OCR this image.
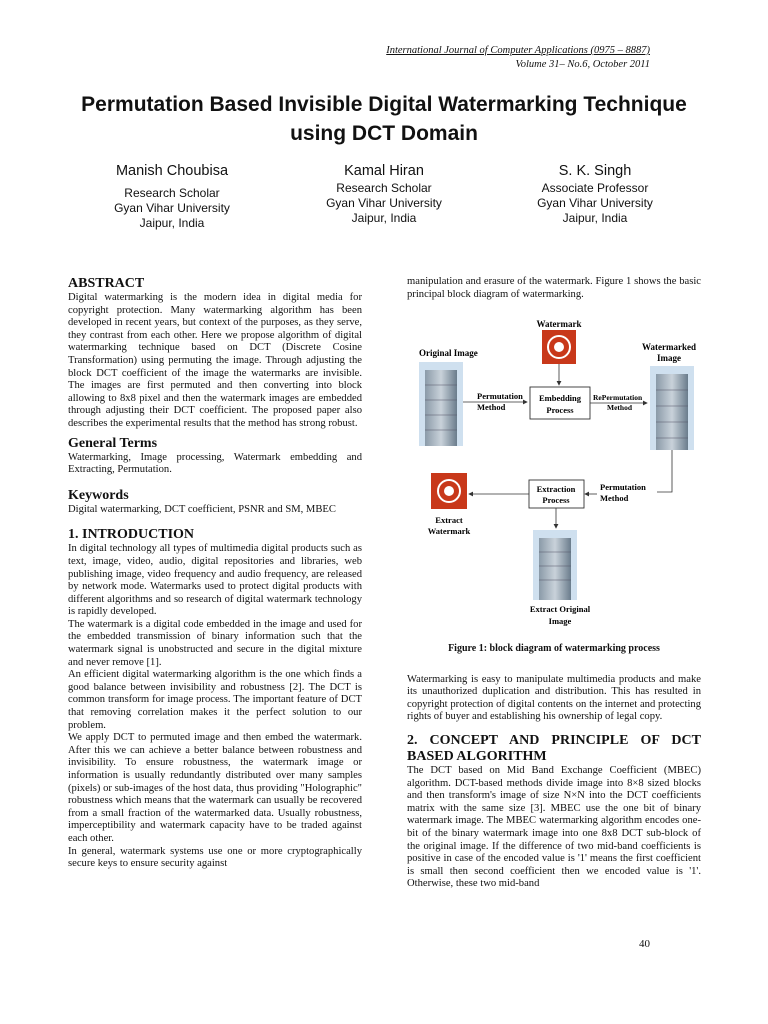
International Journal of Computer Applications (0975 – 8887)
Volume 31– No.6, October 2011
Permutation Based Invisible Digital Watermarking Technique using DCT Domain
Manish Choubisa
Research Scholar
Gyan Vihar University
Jaipur, India
Kamal Hiran
Research Scholar
Gyan Vihar University
Jaipur, India
S. K. Singh
Associate Professor
Gyan Vihar University
Jaipur, India
ABSTRACT

Digital watermarking is the modern idea in digital media for copyright protection. Many watermarking algorithm has been developed in recent years, but context of the purposes, as they serve, they contrast from each other. Here we propose algorithm of digital watermarking technique based on DCT (Discrete Cosine Transformation) using permuting the image. Through adjusting the block DCT coefficient of the image the watermarks are invisible. The images are first permuted and then converting into block allowing to 8x8 pixel and then the watermark images are embedded through adjusting their DCT coefficient. The proposed paper also describes the experimental results that the method has strong robust.

General Terms

Watermarking, Image processing, Watermark embedding and Extracting, Permutation.

Keywords

Digital watermarking, DCT coefficient, PSNR and SM, MBEC

1. INTRODUCTION

In digital technology all types of multimedia digital products such as text, image, video, audio, digital repositories and libraries, web publishing image, video frequency and audio frequency, are released by network mode. Watermarks used to protect digital products with different algorithms and so research of digital watermark technology is rapidly developed.

The watermark is a digital code embedded in the image and used for the embedded transmission of binary information such that the watermark signal is unobstructed and secure in the digital mixture and never remove [1].

An efficient digital watermarking algorithm is the one which finds a good balance between invisibility and robustness [2]. The DCT is common transform for image process. The important feature of DCT that removing correlation makes it the perfect solution to our problem.

We apply DCT to permuted image and then embed the watermark. After this we can achieve a better balance between robustness and invisibility. To ensure robustness, the watermark image or information is usually redundantly distributed over many samples (pixels) or sub-images of the host data, thus providing "Holographic" robustness which means that the watermark can usually be recovered from a small fraction of the watermarked data. Usually robustness, imperceptibility and watermark capacity have to be traded against each other.

In general, watermark systems use one or more cryptographically secure keys to ensure security against

manipulation and erasure of the watermark. Figure 1 shows the basic principal block diagram of watermarking.

Watermark
Original Image
Permutation
Method
Embedding
Process
RePermutation
Method
Watermarked
Image
Permutation
Method
Extraction
Process
Extract
Watermark
Extract Original
Image
Figure 1: block diagram of watermarking process

Watermarking is easy to manipulate multimedia products and make its unauthorized duplication and distribution. This has resulted in copyright protection of digital contents on the internet and protecting rights of buyer and establishing his ownership of legal copy.

2. CONCEPT AND PRINCIPLE OF DCT BASED ALGORITHM

The DCT based on Mid Band Exchange Coefficient (MBEC) algorithm. DCT-based methods divide image into 8×8 sized blocks and then transform's image of size N×N into the DCT coefficients matrix with the same size [3]. MBEC use the one bit of binary watermark image. The MBEC watermarking algorithm encodes one-bit of the binary watermark image into one 8x8 DCT sub-block of the original image. If the difference of two mid-band coefficients is positive in case of the encoded value is '1' means the first coefficient is small then second coefficient then we encoded value is '1'. Otherwise, these two mid-band

40
